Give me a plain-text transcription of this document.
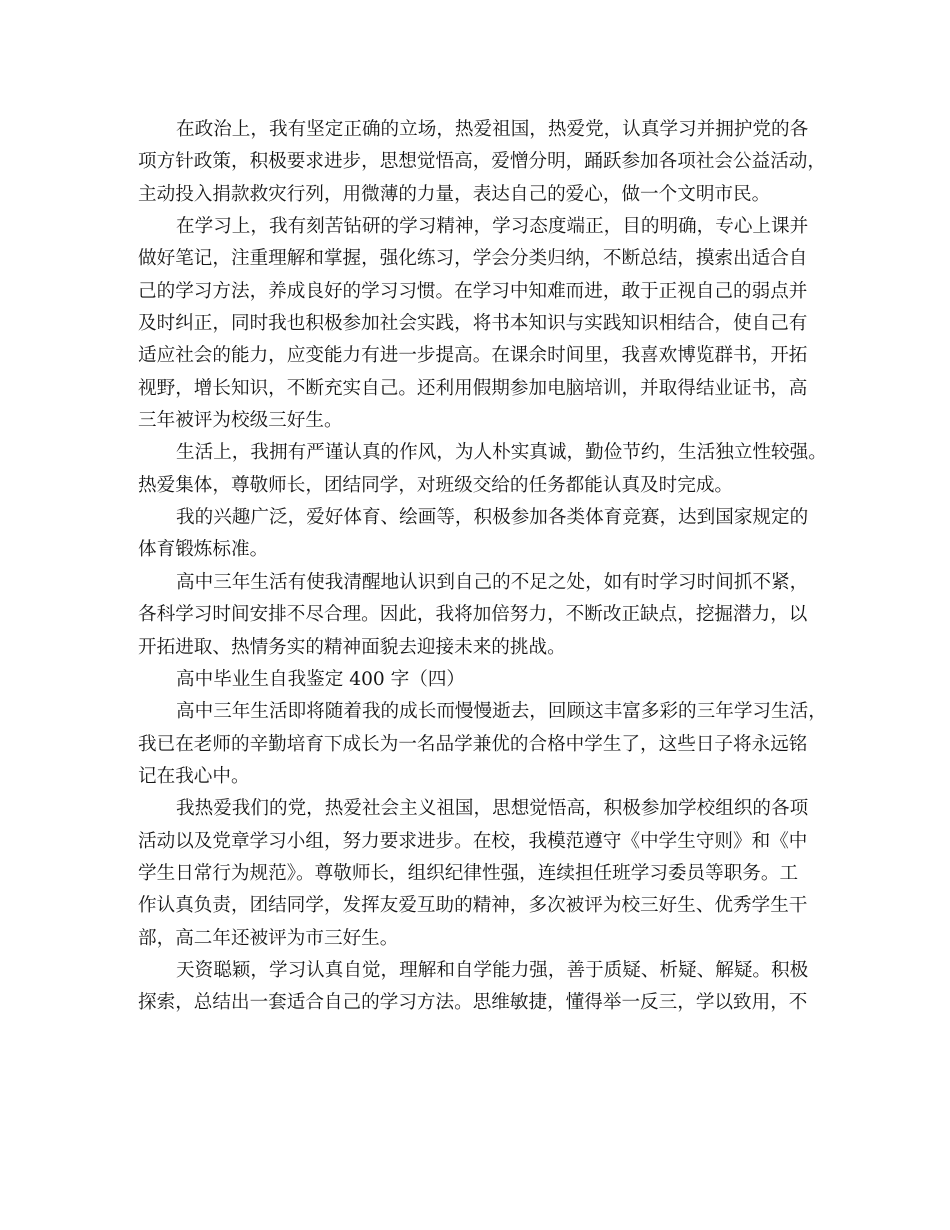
在政治上，我有坚定正确的立场，热爱祖国，热爱党，认真学习并拥护党的各
项方针政策，积极要求进步，思想觉悟高，爱憎分明，踊跃参加各项社会公益活动，
主动投入捐款救灾行列，用微薄的力量，表达自己的爱心，做一个文明市民。
在学习上，我有刻苦钻研的学习精神，学习态度端正，目的明确，专心上课并
做好笔记，注重理解和掌握，强化练习，学会分类归纳，不断总结，摸索出适合自
己的学习方法，养成良好的学习习惯。在学习中知难而进，敢于正视自己的弱点并
及时纠正，同时我也积极参加社会实践，将书本知识与实践知识相结合，使自己有
适应社会的能力，应变能力有进一步提高。在课余时间里，我喜欢博览群书，开拓
视野，增长知识，不断充实自己。还利用假期参加电脑培训，并取得结业证书，高
三年被评为校级三好生。
生活上，我拥有严谨认真的作风，为人朴实真诚，勤俭节约，生活独立性较强。
热爱集体，尊敬师长，团结同学，对班级交给的任务都能认真及时完成。
我的兴趣广泛，爱好体育、绘画等，积极参加各类体育竞赛，达到国家规定的
体育锻炼标准。
高中三年生活有使我清醒地认识到自己的不足之处，如有时学习时间抓不紧，
各科学习时间安排不尽合理。因此，我将加倍努力，不断改正缺点，挖掘潜力，以
开拓进取、热情务实的精神面貌去迎接未来的挑战。
高中毕业生自我鉴定 400 字（四）
高中三年生活即将随着我的成长而慢慢逝去，回顾这丰富多彩的三年学习生活，
我已在老师的辛勤培育下成长为一名品学兼优的合格中学生了，这些日子将永远铭
记在我心中。
我热爱我们的党，热爱社会主义祖国，思想觉悟高，积极参加学校组织的各项
活动以及党章学习小组，努力要求进步。在校，我模范遵守《中学生守则》和《中
学生日常行为规范》。尊敬师长，组织纪律性强，连续担任班学习委员等职务。工
作认真负责，团结同学，发挥友爱互助的精神，多次被评为校三好生、优秀学生干
部，高二年还被评为市三好生。
天资聪颖，学习认真自觉，理解和自学能力强，善于质疑、析疑、解疑。积极
探索，总结出一套适合自己的学习方法。思维敏捷，懂得举一反三，学以致用，不
